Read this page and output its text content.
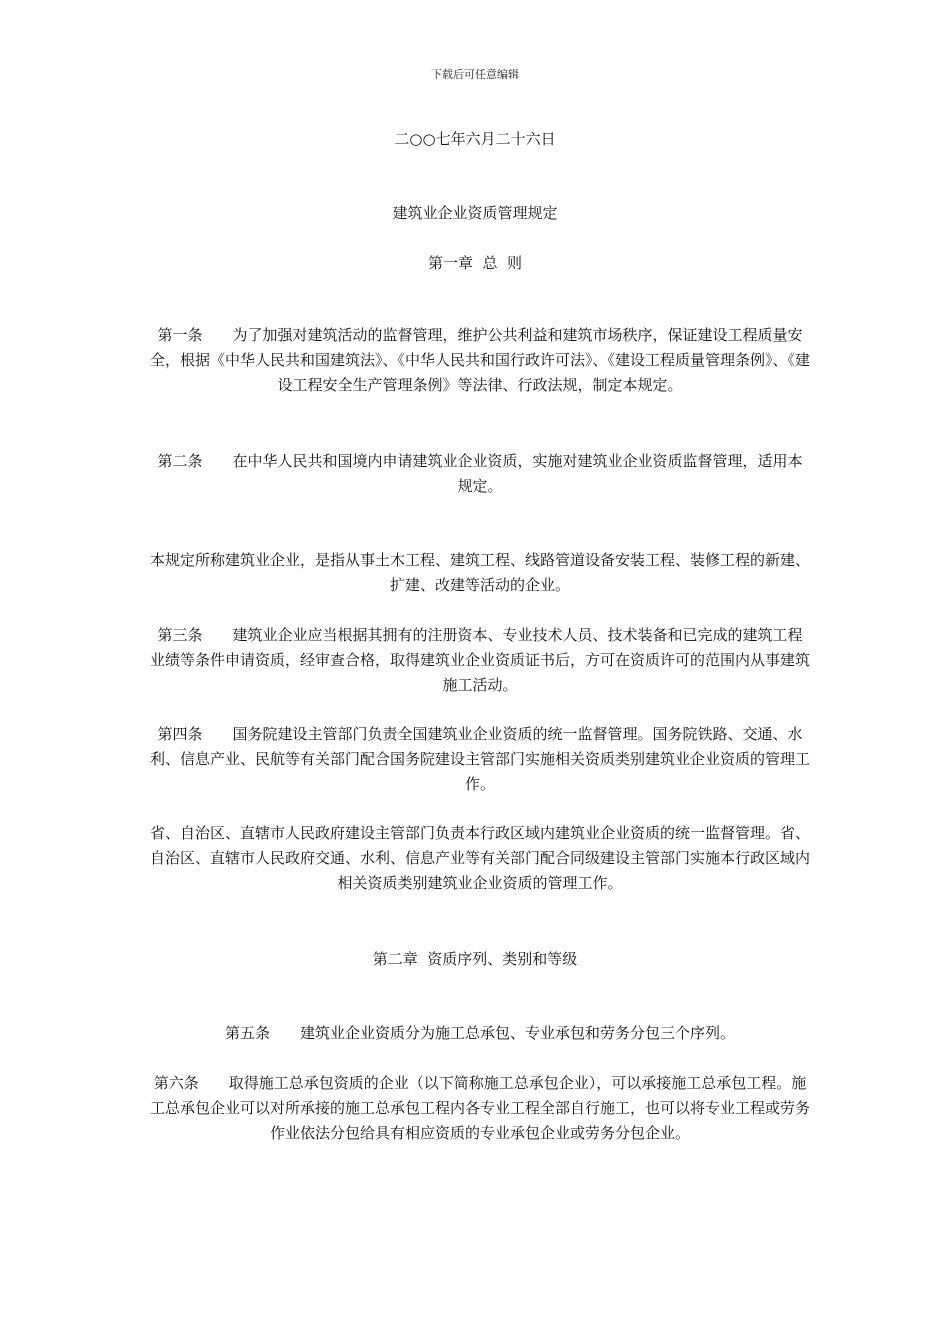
下载后可任意编辑
二○○七年六月二十六日
建筑业企业资质管理规定
第一章  总  则
第一条 为了加强对建筑活动的监督管理，维护公共利益和建筑市场秩序，保证建设工程质量安全，根据《中华人民共和国建筑法》、《中华人民共和国行政许可法》、《建设工程质量管理条例》、《建设工程安全生产管理条例》等法律、行政法规，制定本规定。
第二条 在中华人民共和国境内申请建筑业企业资质，实施对建筑业企业资质监督管理，适用本规定。
本规定所称建筑业企业，是指从事土木工程、建筑工程、线路管道设备安装工程、装修工程的新建、扩建、改建等活动的企业。
第三条 建筑业企业应当根据其拥有的注册资本、专业技术人员、技术装备和已完成的建筑工程业绩等条件申请资质，经审查合格，取得建筑业企业资质证书后，方可在资质许可的范围内从事建筑施工活动。
第四条 国务院建设主管部门负责全国建筑业企业资质的统一监督管理。国务院铁路、交通、水利、信息产业、民航等有关部门配合国务院建设主管部门实施相关资质类别建筑业企业资质的管理工作。
省、自治区、直辖市人民政府建设主管部门负责本行政区域内建筑业企业资质的统一监督管理。省、自治区、直辖市人民政府交通、水利、信息产业等有关部门配合同级建设主管部门实施本行政区域内相关资质类别建筑业企业资质的管理工作。
第二章  资质序列、类别和等级
第五条 建筑业企业资质分为施工总承包、专业承包和劳务分包三个序列。
第六条 取得施工总承包资质的企业（以下简称施工总承包企业），可以承接施工总承包工程。施工总承包企业可以对所承接的施工总承包工程内各专业工程全部自行施工，也可以将专业工程或劳务作业依法分包给具有相应资质的专业承包企业或劳务分包企业。
